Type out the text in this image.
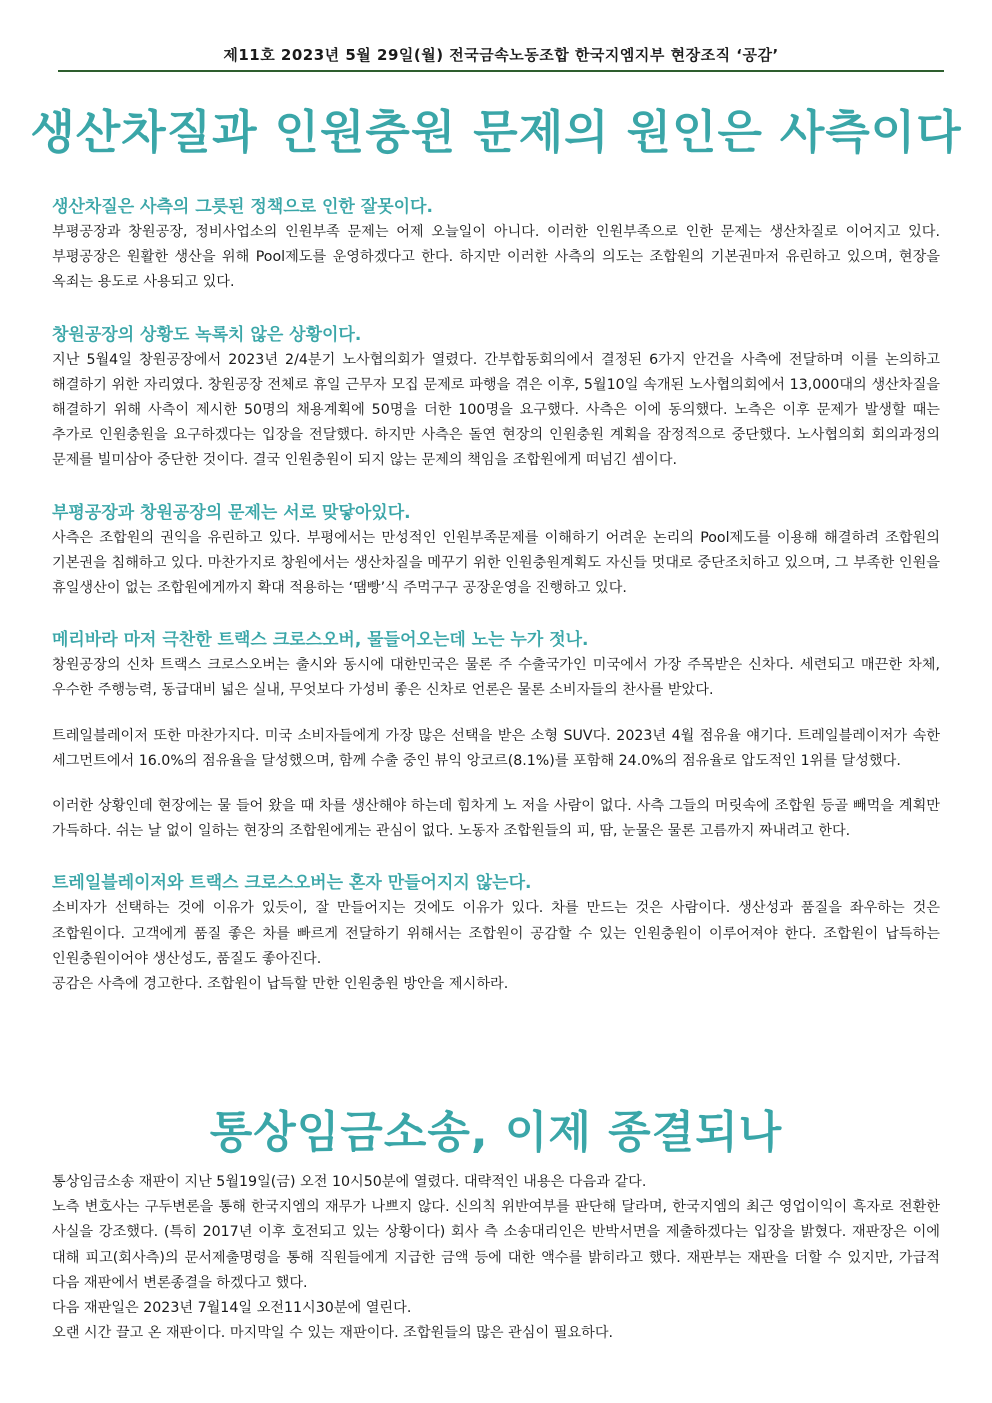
제11호 2023년 5월 29일(월) 전국금속노동조합 한국지엠지부 현장조직 ‘공감’
생산차질과 인원충원 문제의 원인은 사측이다
생산차질은 사측의 그릇된 정책으로 인한 잘못이다.

부평공장과 창원공장, 정비사업소의 인원부족 문제는 어제 오늘일이 아니다. 이러한 인원부족으로 인한 문제는 생산차질로 이어지고 있다. 부평공장은 원활한 생산을 위해 Pool제도를 운영하겠다고 한다. 하지만 이러한 사측의 의도는 조합원의 기본권마저 유린하고 있으며, 현장을 옥죄는 용도로 사용되고 있다.

창원공장의 상황도 녹록치 않은 상황이다.

지난 5월4일 창원공장에서 2023년 2/4분기 노사협의회가 열렸다. 간부합동회의에서 결정된 6가지 안건을 사측에 전달하며 이를 논의하고 해결하기 위한 자리였다. 창원공장 전체로 휴일 근무자 모집 문제로 파행을 겪은 이후, 5월10일 속개된 노사협의회에서 13,000대의 생산차질을 해결하기 위해 사측이 제시한 50명의 채용계획에 50명을 더한 100명을 요구했다. 사측은 이에 동의했다. 노측은 이후 문제가 발생할 때는 추가로 인원충원을 요구하겠다는 입장을 전달했다. 하지만 사측은 돌연 현장의 인원충원 계획을 잠정적으로 중단했다. 노사협의회 회의과정의 문제를 빌미삼아 중단한 것이다. 결국 인원충원이 되지 않는 문제의 책임을 조합원에게 떠넘긴 셈이다.

부평공장과 창원공장의 문제는 서로 맞닿아있다.

사측은 조합원의 권익을 유린하고 있다. 부평에서는 만성적인 인원부족문제를 이해하기 어려운 논리의 Pool제도를 이용해 해결하려 조합원의 기본권을 침해하고 있다. 마찬가지로 창원에서는 생산차질을 메꾸기 위한 인원충원계획도 자신들 멋대로 중단조치하고 있으며, 그 부족한 인원을 휴일생산이 없는 조합원에게까지 확대 적용하는 ‘땜빵’식 주먹구구 공장운영을 진행하고 있다.

메리바라 마저 극찬한 트랙스 크로스오버, 물들어오는데 노는 누가 젓나.

창원공장의 신차 트랙스 크로스오버는 출시와 동시에 대한민국은 물론 주 수출국가인 미국에서 가장 주목받은 신차다. 세련되고 매끈한 차체, 우수한 주행능력, 동급대비 넓은 실내, 무엇보다 가성비 좋은 신차로 언론은 물론 소비자들의 찬사를 받았다.

트레일블레이저 또한 마찬가지다. 미국 소비자들에게 가장 많은 선택을 받은 소형 SUV다. 2023년 4월 점유율 얘기다. 트레일블레이저가 속한 세그먼트에서 16.0%의 점유율을 달성했으며, 함께 수출 중인 뷰익 앙코르(8.1%)를 포함해 24.0%의 점유율로 압도적인 1위를 달성했다.

이러한 상황인데 현장에는 물 들어 왔을 때 차를 생산해야 하는데 힘차게 노 저을 사람이 없다. 사측 그들의 머릿속에 조합원 등골 빼먹을 계획만 가득하다. 쉬는 날 없이 일하는 현장의 조합원에게는 관심이 없다. 노동자 조합원들의 피, 땀, 눈물은 물론 고름까지 짜내려고 한다.

트레일블레이저와 트랙스 크로스오버는 혼자 만들어지지 않는다.

소비자가 선택하는 것에 이유가 있듯이, 잘 만들어지는 것에도 이유가 있다. 차를 만드는 것은 사람이다. 생산성과 품질을 좌우하는 것은 조합원이다. 고객에게 품질 좋은 차를 빠르게 전달하기 위해서는 조합원이 공감할 수 있는 인원충원이 이루어져야 한다. 조합원이 납득하는 인원충원이어야 생산성도, 품질도 좋아진다.

공감은 사측에 경고한다. 조합원이 납득할 만한 인원충원 방안을 제시하라.

통상임금소송, 이제 종결되나

통상임금소송 재판이 지난 5월19일(금) 오전 10시50분에 열렸다. 대략적인 내용은 다음과 같다.

노측 변호사는 구두변론을 통해 한국지엠의 재무가 나쁘지 않다. 신의칙 위반여부를 판단해 달라며, 한국지엠의 최근 영업이익이 흑자로 전환한 사실을 강조했다. (특히 2017년 이후 호전되고 있는 상황이다) 회사 측 소송대리인은 반박서면을 제출하겠다는 입장을 밝혔다. 재판장은 이에 대해 피고(회사측)의 문서제출명령을 통해 직원들에게 지급한 금액 등에 대한 액수를 밝히라고 했다. 재판부는 재판을 더할 수 있지만, 가급적 다음 재판에서 변론종결을 하겠다고 했다.

다음 재판일은 2023년 7월14일 오전11시30분에 열린다.

오랜 시간 끌고 온 재판이다. 마지막일 수 있는 재판이다. 조합원들의 많은 관심이 필요하다.
